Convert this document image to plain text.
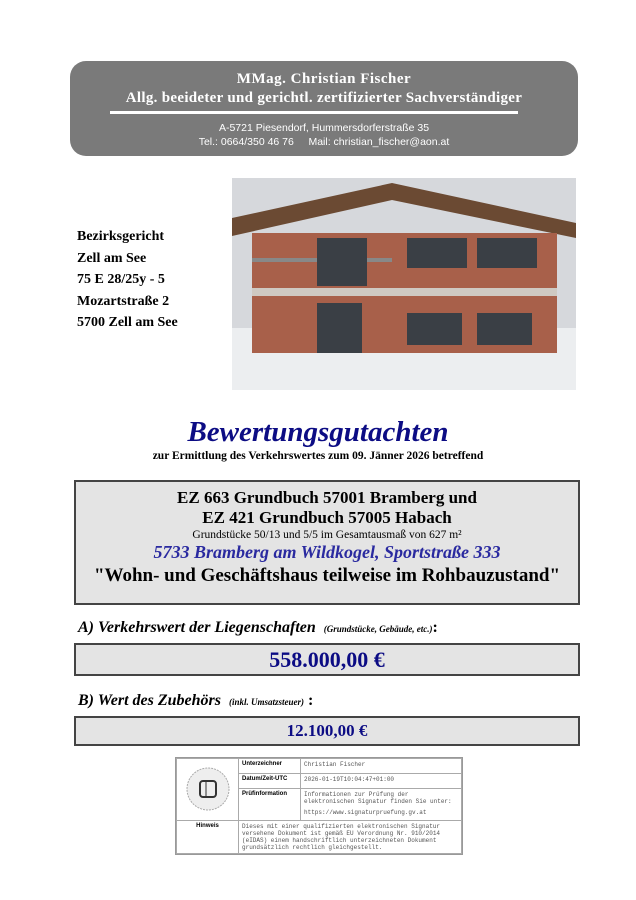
MMag. Christian Fischer
Allg. beeideter und gerichtl. zertifizierter Sachverständiger
A-5721 Piesendorf, Hummersdorferstraße 35
Tel.: 0664/350 46 76 Mail: christian_fischer@aon.at
Bezirksgericht
Zell am See
75 E 28/25y - 5
Mozartstraße 2
5700 Zell am See
Bewertungsgutachten
zur Ermittlung des Verkehrswertes zum 09. Jänner 2026 betreffend
EZ 663 Grundbuch 57001 Bramberg und
EZ 421 Grundbuch 57005 Habach
Grundstücke 50/13 und 5/5 im Gesamtausmaß von 627 m²
5733 Bramberg am Wildkogel, Sportstraße 333
"Wohn- und Geschäftshaus teilweise im Rohbauzustand"
A) Verkehrswert der Liegenschaften (Grundstücke, Gebäude, etc.):
558.000,00 €
B) Wert des Zubehörs (inkl. Umsatzsteuer) :
12.100,00 €
	Unterzeichner	Christian Fischer
	Datum/Zeit-UTC	2026-01-19T10:04:47+01:00
	Prüfinformation	Informationen zur Prüfung der elektronischen Signatur finden Sie unter:
https://www.signaturpruefung.gv.at

Hinweis	Dieses mit einer qualifizierten elektronischen Signatur versehene Dokument ist gemäß EU Verordnung Nr. 910/2014 (eIDAS) einem handschriftlich unterzeichneten Dokument grundsätzlich rechtlich gleichgestellt.	
